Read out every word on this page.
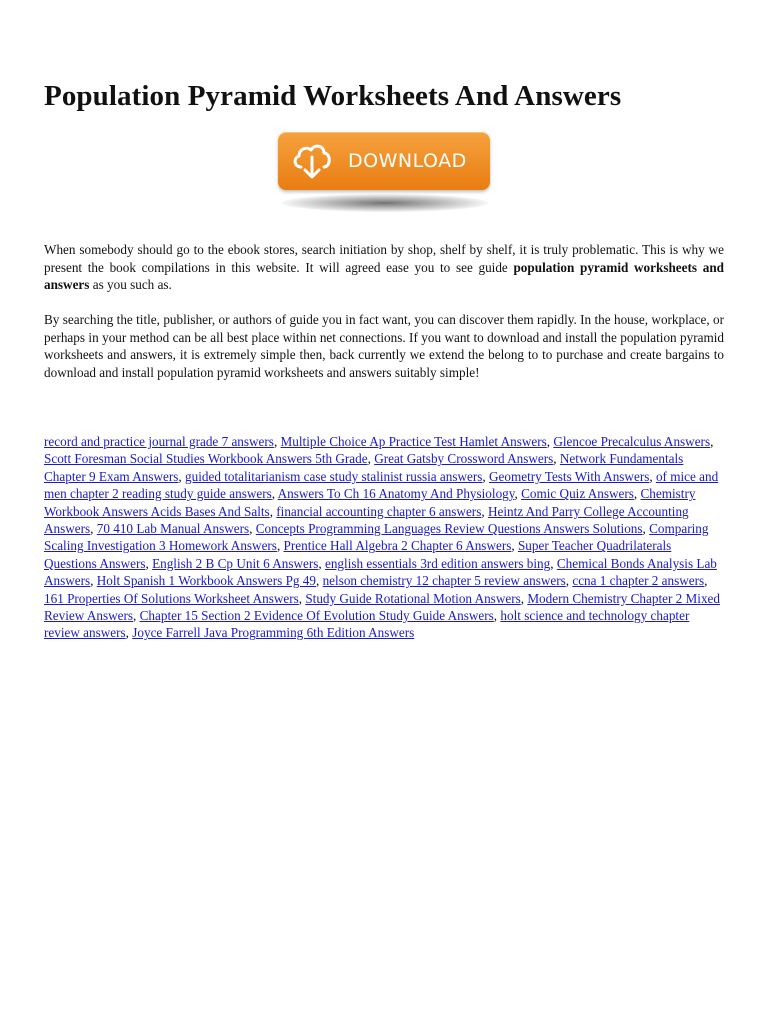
Population Pyramid Worksheets And Answers
DOWNLOAD

When somebody should go to the ebook stores, search initiation by shop, shelf by shelf, it is truly problematic. This is why we present the book compilations in this website. It will agreed ease you to see guide population pyramid worksheets and answers as you such as.

By searching the title, publisher, or authors of guide you in fact want, you can discover them rapidly. In the house, workplace, or perhaps in your method can be all best place within net connections. If you want to download and install the population pyramid worksheets and answers, it is extremely simple then, back currently we extend the belong to to purchase and create bargains to download and install population pyramid worksheets and answers suitably simple!

record and practice journal grade 7 answers, Multiple Choice Ap Practice Test Hamlet Answers, Glencoe Precalculus Answers, Scott Foresman Social Studies Workbook Answers 5th Grade, Great Gatsby Crossword Answers, Network Fundamentals Chapter 9 Exam Answers, guided totalitarianism case study stalinist russia answers, Geometry Tests With Answers, of mice and men chapter 2 reading study guide answers, Answers To Ch 16 Anatomy And Physiology, Comic Quiz Answers, Chemistry Workbook Answers Acids Bases And Salts, financial accounting chapter 6 answers, Heintz And Parry College Accounting Answers, 70 410 Lab Manual Answers, Concepts Programming Languages Review Questions Answers Solutions, Comparing Scaling Investigation 3 Homework Answers, Prentice Hall Algebra 2 Chapter 6 Answers, Super Teacher Quadrilaterals Questions Answers, English 2 B Cp Unit 6 Answers, english essentials 3rd edition answers bing, Chemical Bonds Analysis Lab Answers, Holt Spanish 1 Workbook Answers Pg 49, nelson chemistry 12 chapter 5 review answers, ccna 1 chapter 2 answers, 161 Properties Of Solutions Worksheet Answers, Study Guide Rotational Motion Answers, Modern Chemistry Chapter 2 Mixed Review Answers, Chapter 15 Section 2 Evidence Of Evolution Study Guide Answers, holt science and technology chapter review answers, Joyce Farrell Java Programming 6th Edition Answers
